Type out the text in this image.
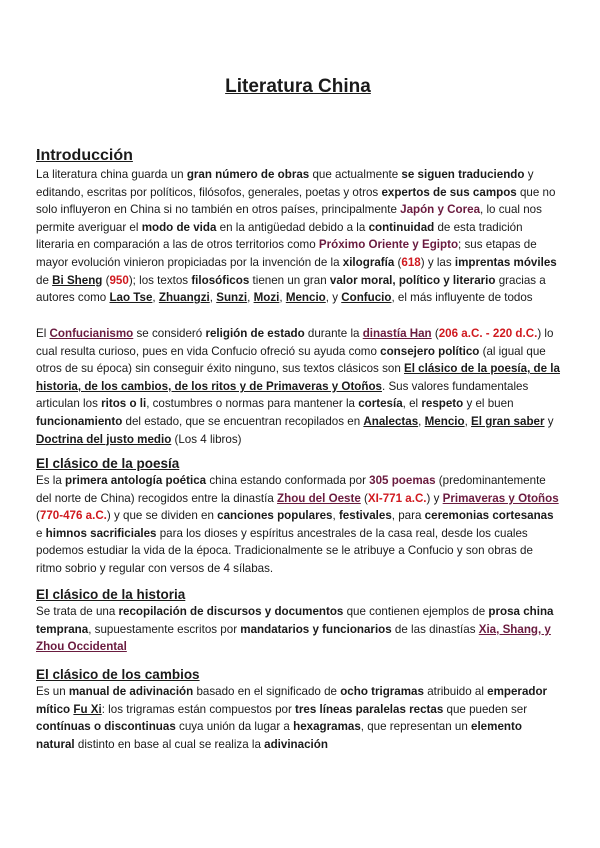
Literatura China
Introducción

La literatura china guarda un gran número de obras que actualmente se siguen traduciendo y editando, escritas por políticos, filósofos, generales, poetas y otros expertos de sus campos que no solo influyeron en China si no también en otros países, principalmente Japón y Corea, lo cual nos permite averiguar el modo de vida en la antigüedad debido a la continuidad de esta tradición literaria en comparación a las de otros territorios como Próximo Oriente y Egipto; sus etapas de mayor evolución vinieron propiciadas por la invención de la xilografía (618) y las imprentas móviles de Bi Sheng (950); los textos filosóficos tienen un gran valor moral, político y literario gracias a autores como Lao Tse, Zhuangzi, Sunzi, Mozi, Mencio, y Confucio, el más influyente de todos

El Confucianismo se consideró religión de estado durante la dinastía Han (206 a.C. - 220 d.C.) lo cual resulta curioso, pues en vida Confucio ofreció su ayuda como consejero político (al igual que otros de su época) sin conseguir éxito ninguno, sus textos clásicos son El clásico de la poesía, de la historia, de los cambios, de los ritos y de Primaveras y Otoños. Sus valores fundamentales articulan los ritos o li, costumbres o normas para mantener la cortesía, el respeto y el buen funcionamiento del estado, que se encuentran recopilados en Analectas, Mencio, El gran saber y Doctrina del justo medio (Los 4 libros)

El clásico de la poesía

Es la primera antología poética china estando conformada por 305 poemas (predominantemente del norte de China) recogidos entre la dinastía Zhou del Oeste (XI-771 a.C.) y Primaveras y Otoños (770-476 a.C.) y que se dividen en canciones populares, festivales, para ceremonias cortesanas e himnos sacrificiales para los dioses y espíritus ancestrales de la casa real, desde los cuales podemos estudiar la vida de la época. Tradicionalmente se le atribuye a Confucio y son obras de ritmo sobrio y regular con versos de 4 sílabas.

El clásico de la historia

Se trata de una recopilación de discursos y documentos que contienen ejemplos de prosa china temprana, supuestamente escritos por mandatarios y funcionarios de las dinastías Xia, Shang, y Zhou Occidental

El clásico de los cambios

Es un manual de adivinación basado en el significado de ocho trigramas atribuido al emperador mítico Fu Xi: los trigramas están compuestos por tres líneas paralelas rectas que pueden ser contínuas o discontinuas cuya unión da lugar a hexagramas, que representan un elemento natural distinto en base al cual se realiza la adivinación
